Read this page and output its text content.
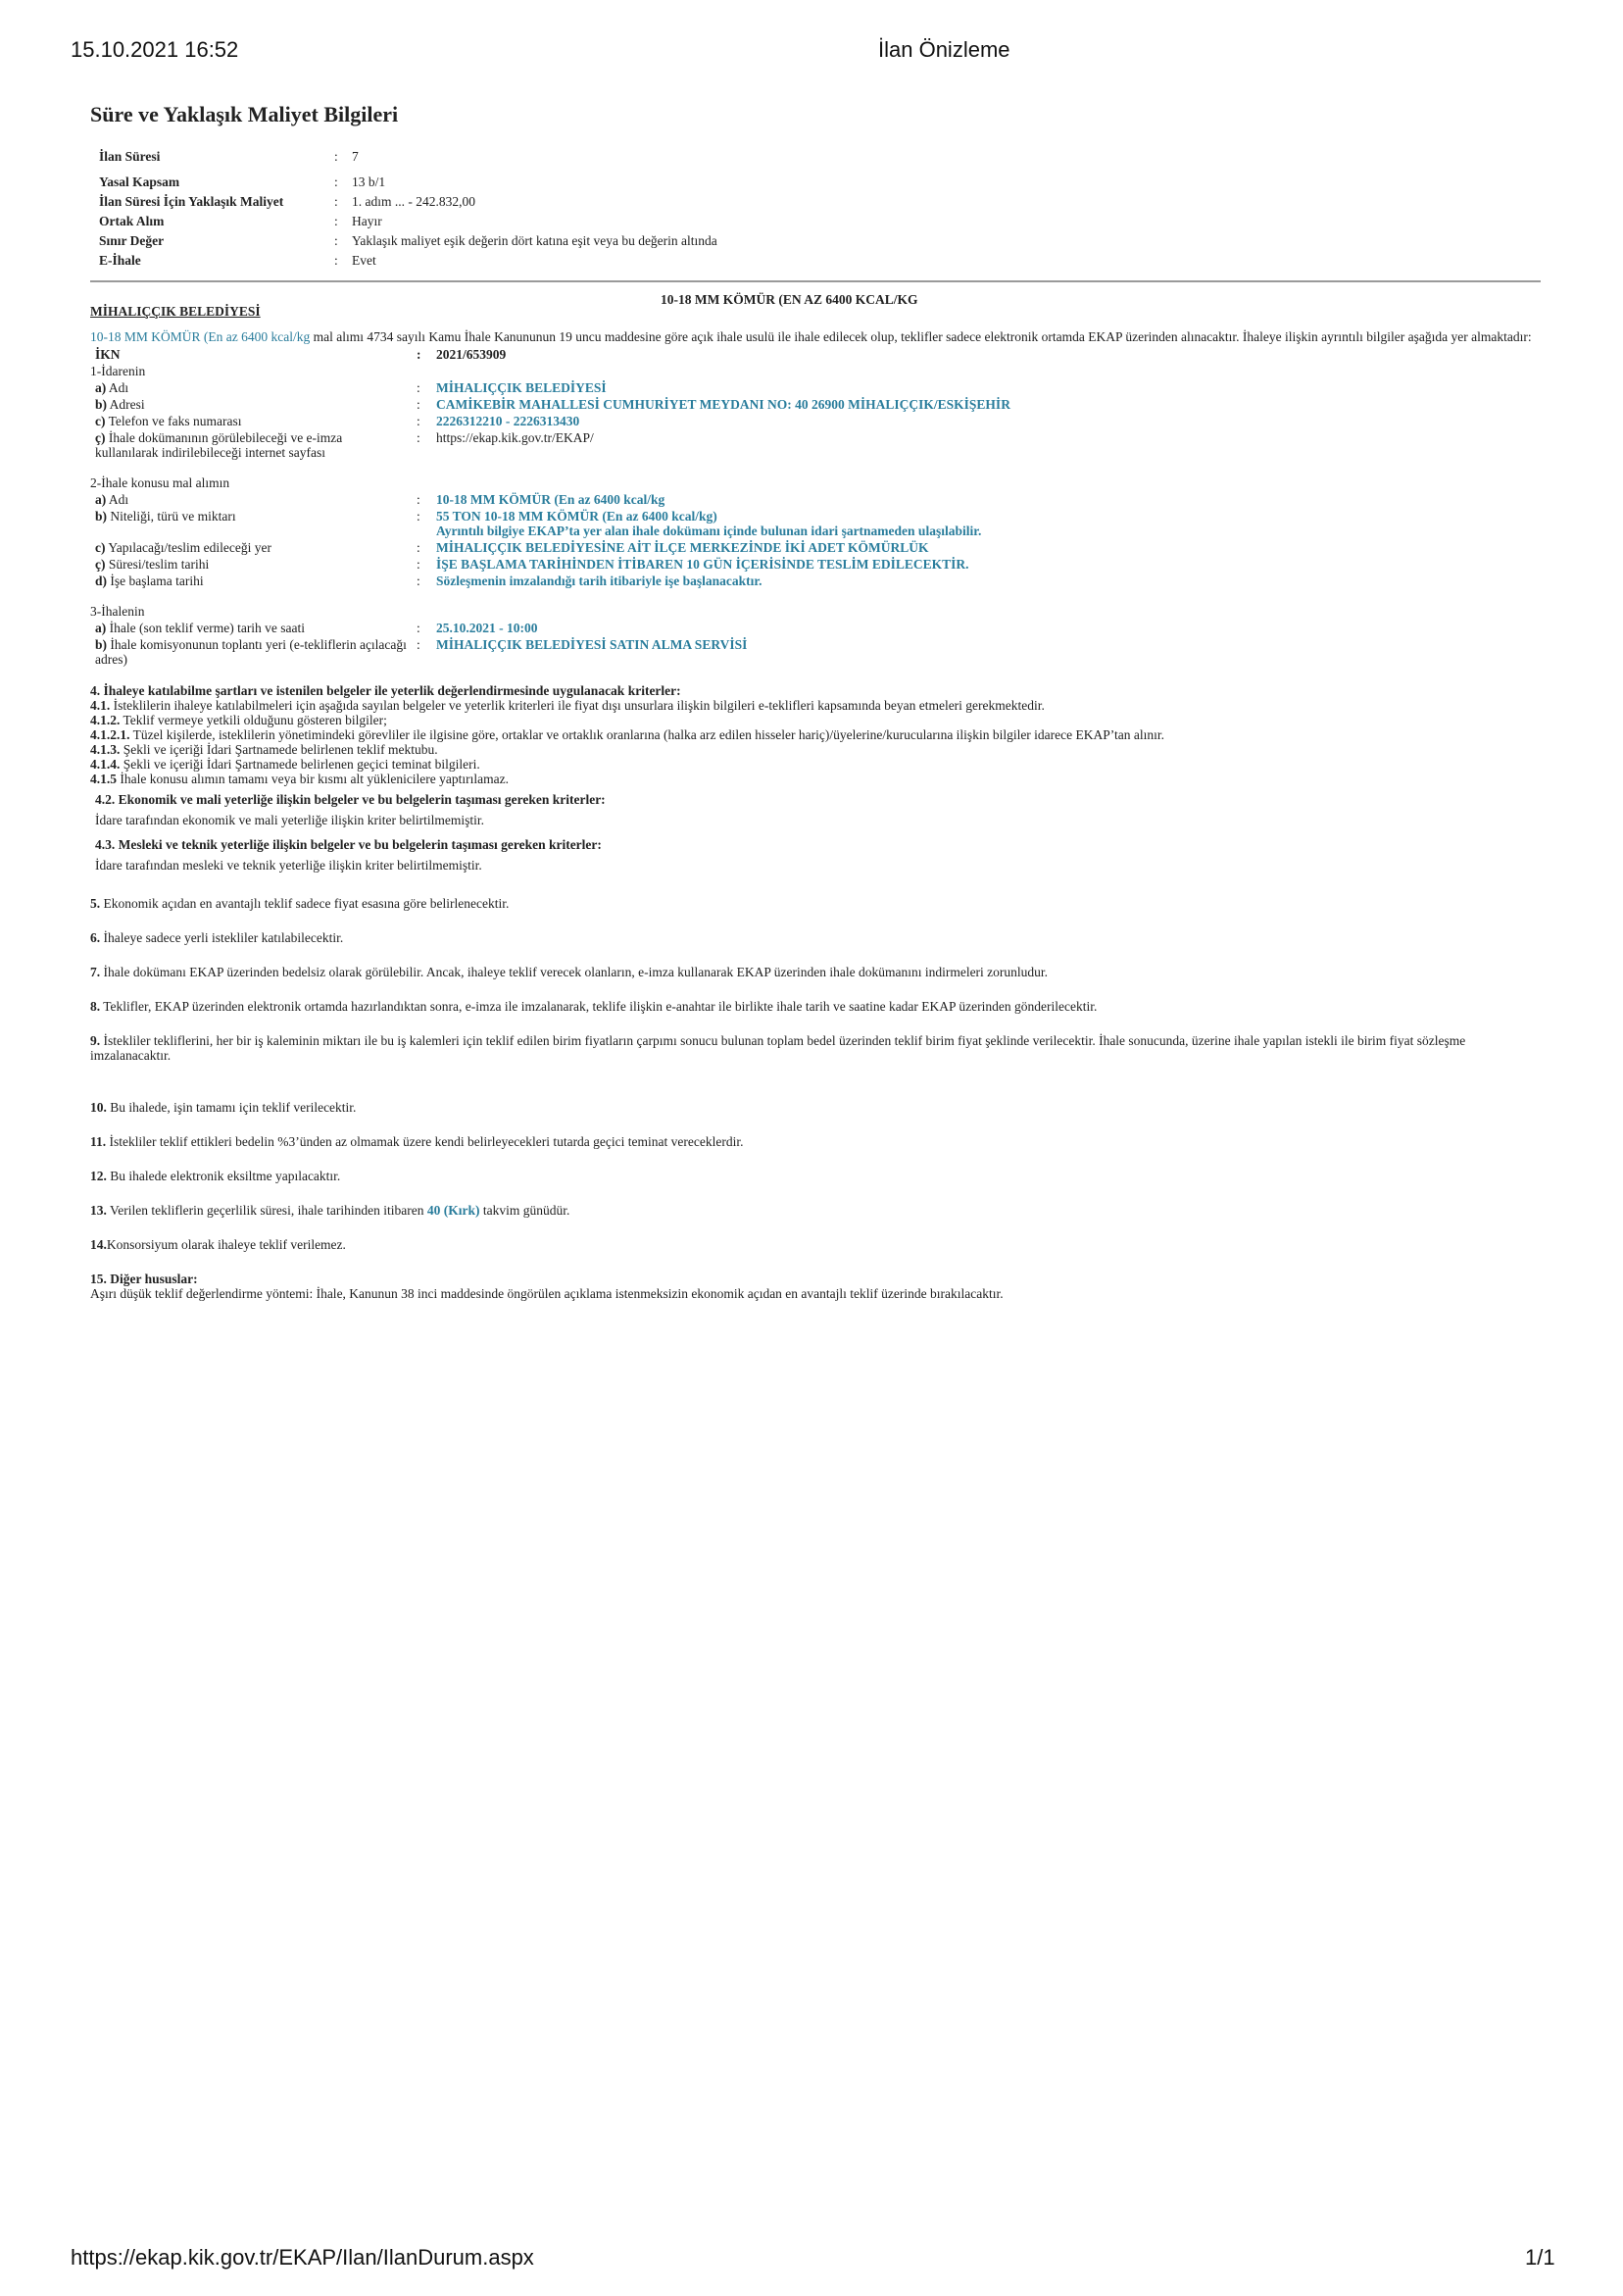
15.10.2021 16:52	İlan Önizleme
Süre ve Yaklaşık Maliyet Bilgileri
İlan Süresi	:	7

Yasal Kapsam	:	13 b/1
İlan Süresi İçin Yaklaşık Maliyet	:	1. adım ... - 242.832,00
Ortak Alım	:	Hayır
Sınır Değer	:	Yaklaşık maliyet eşik değerin dört katına eşit veya bu değerin altında
E-İhale	:	Evet
MİHALIÇÇIK BELEDİYESİ
10-18 MM KÖMÜR (EN AZ 6400 KCAL/KG
10-18 MM KÖMÜR (En az 6400 kcal/kg mal alımı 4734 sayılı Kamu İhale Kanununun 19 uncu maddesine göre açık ihale usulü ile ihale edilecek olup, teklifler sadece elektronik ortamda EKAP üzerinden alınacaktır. İhaleye ilişkin ayrıntılı bilgiler aşağıda yer almaktadır:
İKN	:	2021/653909
1-İdarenin		
a) Adı	:	MİHALIÇÇIK BELEDİYESİ
b) Adresi	:	CAMİKEBİR MAHALLESİ CUMHURİYET MEYDANI NO: 40 26900 MİHALIÇÇIK/ESKİŞEHİR
c) Telefon ve faks numarası	:	2226312210 - 2226313430
ç) İhale dokümanının görülebileceği ve e-imza kullanılarak indirilebileceği internet sayfası	:	https://ekap.kik.gov.tr/EKAP/

2-İhale konusu mal alımın		
a) Adı	:	10-18 MM KÖMÜR (En az 6400 kcal/kg
b) Niteliği, türü ve miktarı	:	55 TON 10-18 MM KÖMÜR (En az 6400 kcal/kg)
Ayrıntılı bilgiye EKAP’ta yer alan ihale dokümanı içinde bulunan idari şartnameden ulaşılabilir.

c) Yapılacağı/teslim edileceği yer	:	MİHALIÇÇIK BELEDİYESİNE AİT İLÇE MERKEZİNDE İKİ ADET KÖMÜRLÜK
ç) Süresi/teslim tarihi	:	İŞE BAŞLAMA TARİHİNDEN İTİBAREN 10 GÜN İÇERİSİNDE TESLİM EDİLECEKTİR.
d) İşe başlama tarihi	:	Sözleşmenin imzalandığı tarih itibariyle işe başlanacaktır.

3-İhalenin		
a) İhale (son teklif verme) tarih ve saati	:	25.10.2021 - 10:00
b) İhale komisyonunun toplantı yeri (e-tekliflerin açılacağı adres)	:	MİHALIÇÇIK BELEDİYESİ SATIN ALMA SERVİSİ
4. İhaleye katılabilme şartları ve istenilen belgeler ile yeterlik değerlendirmesinde uygulanacak kriterler:
4.1. İsteklilerin ihaleye katılabilmeleri için aşağıda sayılan belgeler ve yeterlik kriterleri ile fiyat dışı unsurlara ilişkin bilgileri e-teklifleri kapsamında beyan etmeleri gerekmektedir.
4.1.2. Teklif vermeye yetkili olduğunu gösteren bilgiler;
4.1.2.1. Tüzel kişilerde, isteklilerin yönetimindeki görevliler ile ilgisine göre, ortaklar ve ortaklık oranlarına (halka arz edilen hisseler hariç)/üyelerine/kurucularına ilişkin bilgiler idarece EKAP’tan alınır.
4.1.3. Şekli ve içeriği İdari Şartnamede belirlenen teklif mektubu.
4.1.4. Şekli ve içeriği İdari Şartnamede belirlenen geçici teminat bilgileri.
4.1.5 İhale konusu alımın tamamı veya bir kısmı alt yüklenicilere yaptırılamaz.
4.2. Ekonomik ve mali yeterliğe ilişkin belgeler ve bu belgelerin taşıması gereken kriterler:
İdare tarafından ekonomik ve mali yeterliğe ilişkin kriter belirtilmemiştir.
4.3. Mesleki ve teknik yeterliğe ilişkin belgeler ve bu belgelerin taşıması gereken kriterler:
İdare tarafından mesleki ve teknik yeterliğe ilişkin kriter belirtilmemiştir.
5. Ekonomik açıdan en avantajlı teklif sadece fiyat esasına göre belirlenecektir.
6. İhaleye sadece yerli istekliler katılabilecektir.
7. İhale dokümanı EKAP üzerinden bedelsiz olarak görülebilir. Ancak, ihaleye teklif verecek olanların, e-imza kullanarak EKAP üzerinden ihale dokümanını indirmeleri zorunludur.
8. Teklifler, EKAP üzerinden elektronik ortamda hazırlandıktan sonra, e-imza ile imzalanarak, teklife ilişkin e-anahtar ile birlikte ihale tarih ve saatine kadar EKAP üzerinden gönderilecektir.
9. İstekliler tekliflerini, her bir iş kaleminin miktarı ile bu iş kalemleri için teklif edilen birim fiyatların çarpımı sonucu bulunan toplam bedel üzerinden teklif birim fiyat şeklinde verilecektir. İhale sonucunda, üzerine ihale yapılan istekli ile birim fiyat sözleşme imzalanacaktır.
10. Bu ihalede, işin tamamı için teklif verilecektir.
11. İstekliler teklif ettikleri bedelin %3’ünden az olmamak üzere kendi belirleyecekleri tutarda geçici teminat vereceklerdir.
12. Bu ihalede elektronik eksiltme yapılacaktır.
13. Verilen tekliflerin geçerlilik süresi, ihale tarihinden itibaren 40 (Kırk) takvim günüdür.
14.Konsorsiyum olarak ihaleye teklif verilemez.
15. Diğer hususlar:
Aşırı düşük teklif değerlendirme yöntemi: İhale, Kanunun 38 inci maddesinde öngörülen açıklama istenmeksizin ekonomik açıdan en avantajlı teklif üzerinde bırakılacaktır.
https://ekap.kik.gov.tr/EKAP/Ilan/IlanDurum.aspx	1/1
